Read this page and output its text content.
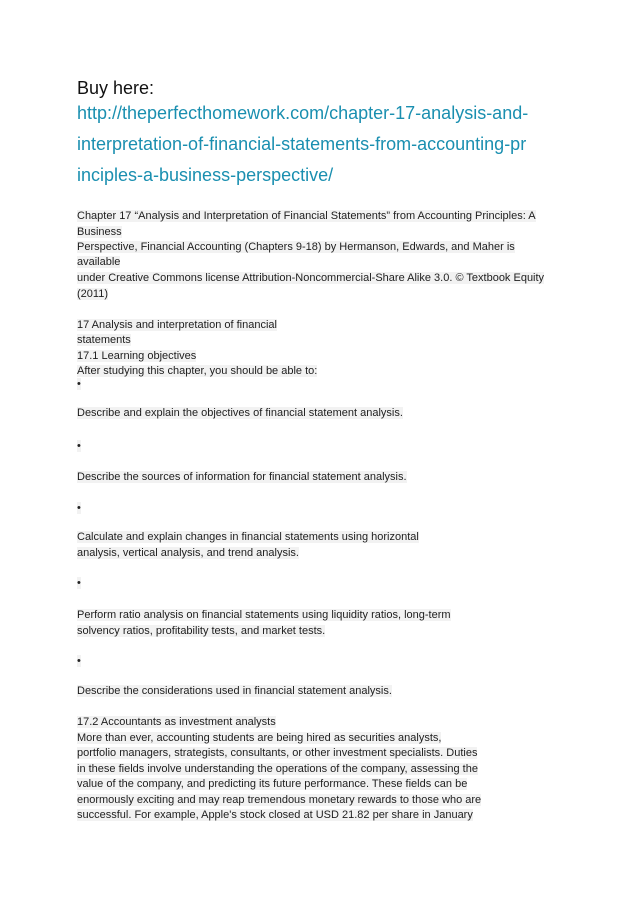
Buy here:
http://theperfecthomework.com/chapter-17-analysis-and-
interpretation-of-financial-statements-from-accounting-pr
inciples-a-business-perspective/
Chapter 17 “Analysis and Interpretation of Financial Statements” from Accounting Principles: A
Business
Perspective, Financial Accounting (Chapters 9-18) by Hermanson, Edwards, and Maher is
available
under Creative Commons license Attribution-Noncommercial-Share Alike 3.0. © Textbook Equity
(2011)
17 Analysis and interpretation of financial
statements
17.1 Learning objectives
After studying this chapter, you should be able to:
•
Describe and explain the objectives of financial statement analysis.
•
Describe the sources of information for financial statement analysis.
•
Calculate and explain changes in financial statements using horizontal
analysis, vertical analysis, and trend analysis.
•
Perform ratio analysis on financial statements using liquidity ratios, long-term
solvency ratios, profitability tests, and market tests.
•
Describe the considerations used in financial statement analysis.
17.2 Accountants as investment analysts
More than ever, accounting students are being hired as securities analysts,
portfolio managers, strategists, consultants, or other investment specialists. Duties
in these fields involve understanding the operations of the company, assessing the
value of the company, and predicting its future performance. These fields can be
enormously exciting and may reap tremendous monetary rewards to those who are
successful. For example, Apple's stock closed at USD 21.82 per share in January
